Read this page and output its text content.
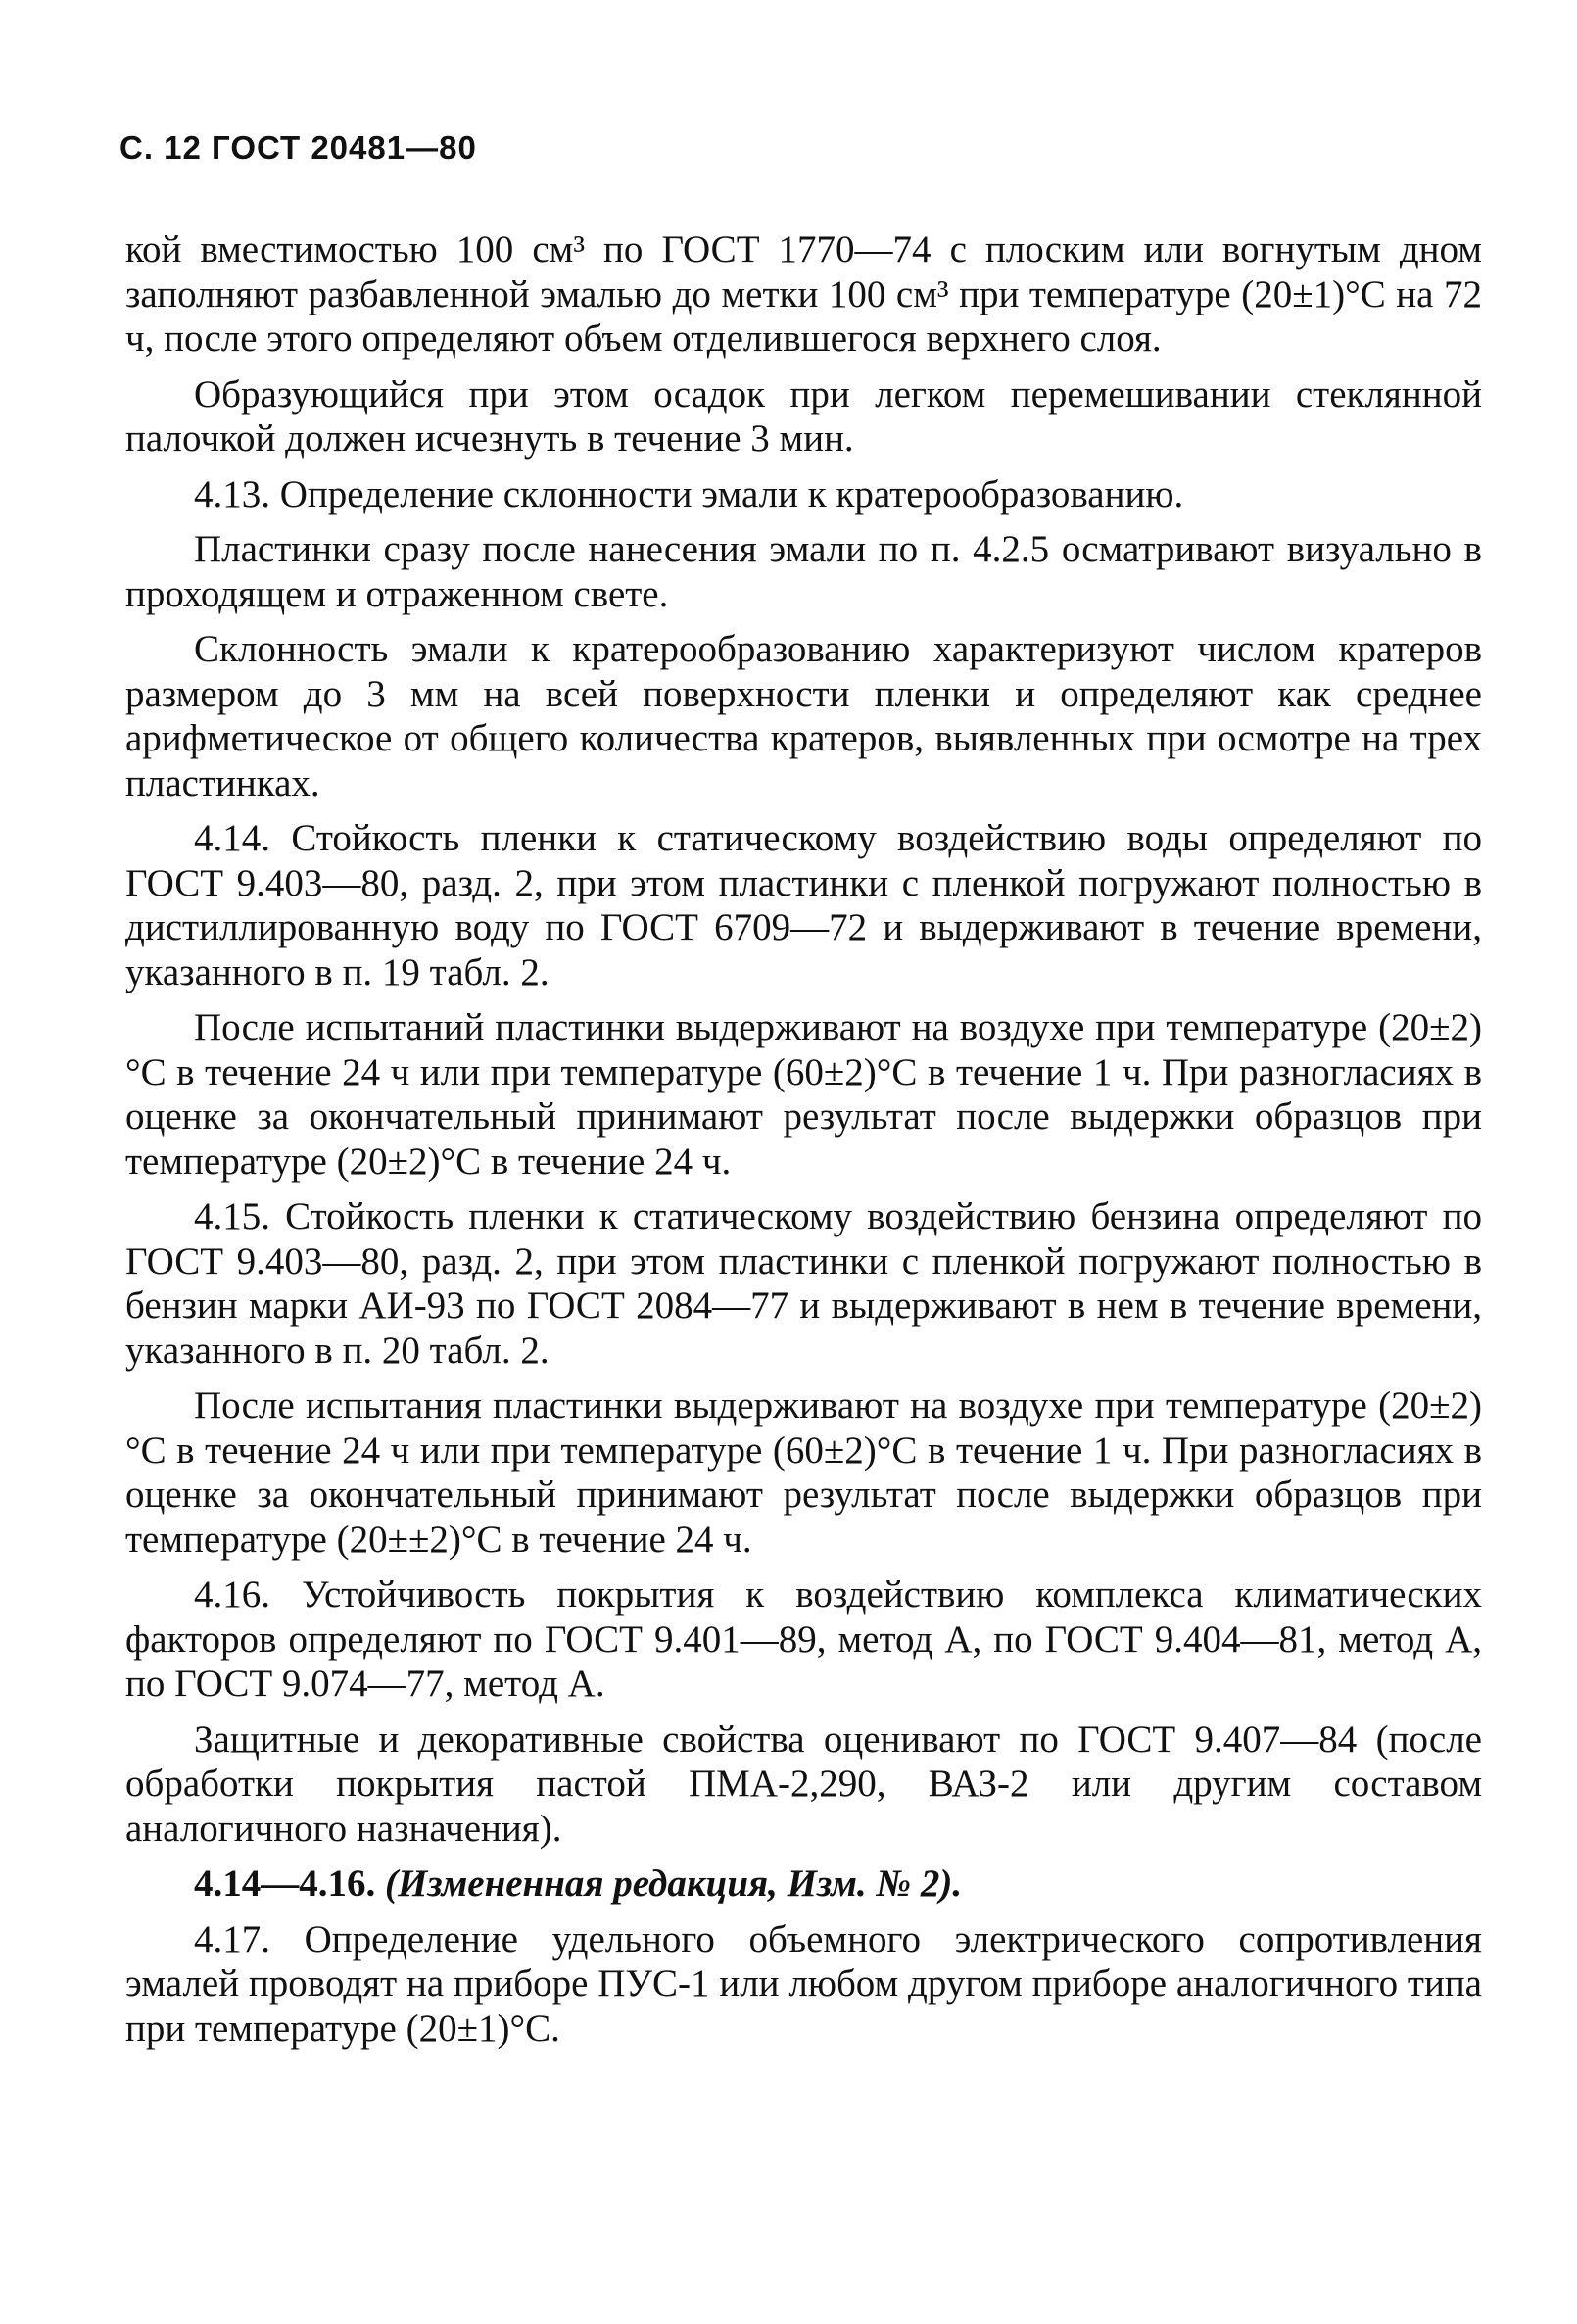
С. 12 ГОСТ 20481—80

кой вместимостью 100 см³ по ГОСТ 1770—74 с плоским или вогнутым дном заполняют разбавленной эмалью до метки 100 см³ при температуре (20±1)°С на 72 ч, после этого определяют объем отделившегося верхнего слоя.

Образующийся при этом осадок при легком перемешивании стеклянной палочкой должен исчезнуть в течение 3 мин.

4.13. Определение склонности эмали к кратерообразованию.

Пластинки сразу после нанесения эмали по п. 4.2.5 осматривают визуально в проходящем и отраженном свете.

Склонность эмали к кратерообразованию характеризуют числом кратеров размером до 3 мм на всей поверхности пленки и определяют как среднее арифметическое от общего количества кратеров, выявленных при осмотре на трех пластинках.

4.14. Стойкость пленки к статическому воздействию воды определяют по ГОСТ 9.403—80, разд. 2, при этом пластинки с пленкой погружают полностью в дистиллированную воду по ГОСТ 6709—72 и выдерживают в течение времени, указанного в п. 19 табл. 2.

После испытаний пластинки выдерживают на воздухе при температуре (20±2)°С в течение 24 ч или при температуре (60±2)°С в течение 1 ч. При разногласиях в оценке за окончательный принимают результат после выдержки образцов при температуре (20±2)°С в течение 24 ч.

4.15. Стойкость пленки к статическому воздействию бензина определяют по ГОСТ 9.403—80, разд. 2, при этом пластинки с пленкой погружают полностью в бензин марки АИ-93 по ГОСТ 2084—77 и выдерживают в нем в течение времени, указанного в п. 20 табл. 2.

После испытания пластинки выдерживают на воздухе при температуре (20±2)°С в течение 24 ч или при температуре (60±2)°С в течение 1 ч. При разногласиях в оценке за окончательный принимают результат после выдержки образцов при температуре (20±±2)°С в течение 24 ч.

4.16. Устойчивость покрытия к воздействию комплекса климатических факторов определяют по ГОСТ 9.401—89, метод А, по ГОСТ 9.404—81, метод А, по ГОСТ 9.074—77, метод А.

Защитные и декоративные свойства оценивают по ГОСТ 9.407—84 (после обработки покрытия пастой ПМА-2,290, ВАЗ-2 или другим составом аналогичного назначения).

4.14—4.16. (Измененная редакция, Изм. № 2).

4.17. Определение удельного объемного электрического сопротивления эмалей проводят на приборе ПУС-1 или любом другом приборе аналогичного типа при температуре (20±1)°С.
